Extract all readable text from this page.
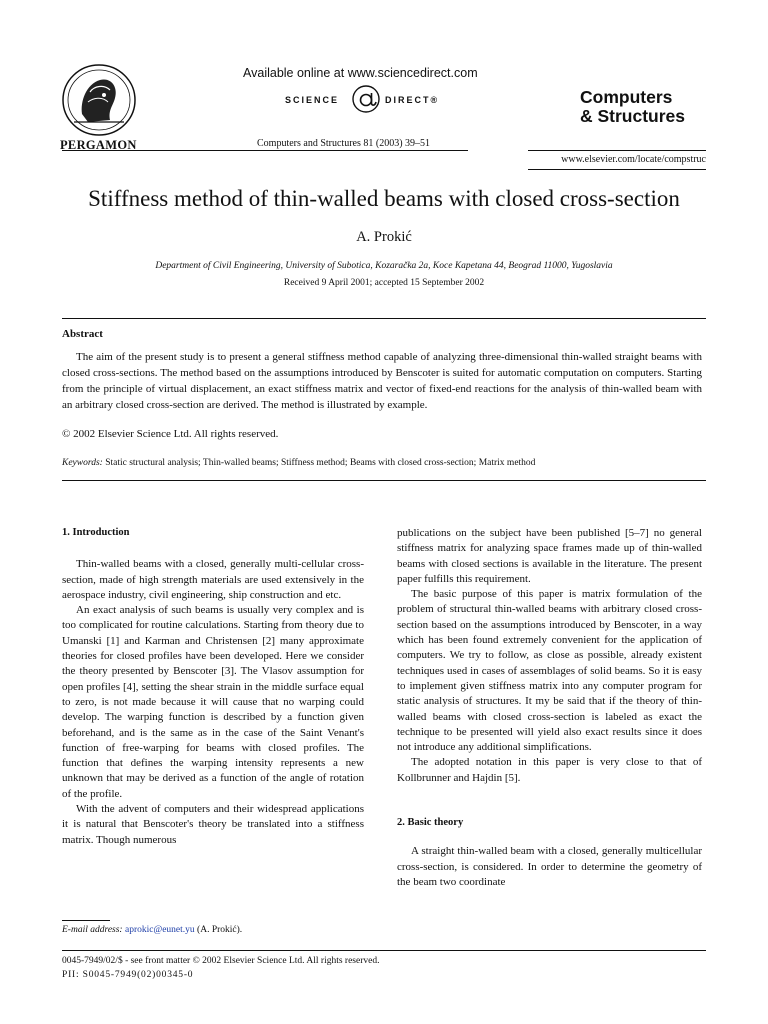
PERGAMON
Available online at www.sciencedirect.com
SCIENCE	DIRECT®
Computers and Structures 81 (2003) 39–51
Computers
& Structures
www.elsevier.com/locate/compstruc
Stiffness method of thin-walled beams with closed cross-section
A. Prokić
Department of Civil Engineering, University of Subotica, Kozaračka 2a, Koce Kapetana 44, Beograd 11000, Yugoslavia
Received 9 April 2001; accepted 15 September 2002
Abstract

The aim of the present study is to present a general stiffness method capable of analyzing three-dimensional thin-walled straight beams with closed cross-sections. The method based on the assumptions introduced by Benscoter is suited for automatic computation on computers. Starting from the principle of virtual displacement, an exact stiffness matrix and vector of fixed-end reactions for the analysis of thin-walled beam with an arbitrary closed cross-section are derived. The method is illustrated by example.

© 2002 Elsevier Science Ltd. All rights reserved.
Keywords: Static structural analysis; Thin-walled beams; Stiffness method; Beams with closed cross-section; Matrix method
1. Introduction

Thin-walled beams with a closed, generally multi-cellular cross-section, made of high strength materials are used extensively in the aerospace industry, civil engineering, ship construction and etc.

An exact analysis of such beams is usually very complex and is too complicated for routine calculations. Starting from theory due to Umanski [1] and Karman and Christensen [2] many approximate theories for closed profiles have been developed. Here we consider the theory presented by Benscoter [3]. The Vlasov assumption for open profiles [4], setting the shear strain in the middle surface equal to zero, is not made because it will cause that no warping could develop. The warping function is described by a function given beforehand, and is the same as in the case of the Saint Venant's function of free-warping for beams with closed profiles. The function that defines the warping intensity represents a new unknown that may be derived as a function of the angle of rotation of the profile.

With the advent of computers and their widespread applications it is natural that Benscoter's theory be translated into a stiffness matrix. Though numerous

publications on the subject have been published [5–7] no general stiffness matrix for analyzing space frames made up of thin-walled beams with closed sections is available in the literature. The present paper fulfills this requirement.

The basic purpose of this paper is matrix formulation of the problem of structural thin-walled beams with arbitrary closed cross-section based on the assumptions introduced by Benscoter, in a way which has been found extremely convenient for the application of computers. We try to follow, as close as possible, already existent techniques used in cases of assemblages of solid beams. So it is easy to implement given stiffness matrix into any computer program for static analysis of structures. It my be said that if the theory of thin-walled beams with closed cross-section is labeled as exact the technique to be presented will yield also exact results since it does not introduce any additional simplifications.

The adopted notation in this paper is very close to that of Kollbrunner and Hajdin [5].

2. Basic theory

A straight thin-walled beam with a closed, generally multicellular cross-section, is considered. In order to determine the geometry of the beam two coordinate

E-mail address: aprokic@eunet.yu (A. Prokić).
0045-7949/02/$ - see front matter © 2002 Elsevier Science Ltd. All rights reserved.
PII: S0045-7949(02)00345-0
